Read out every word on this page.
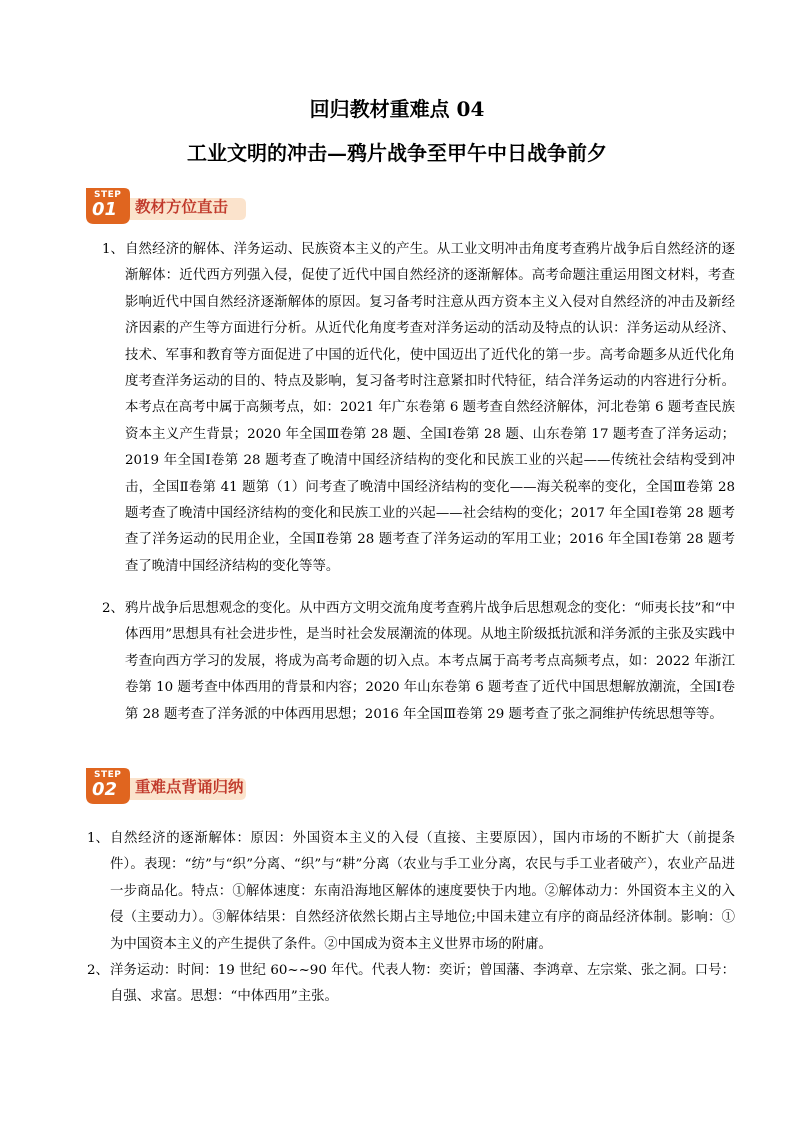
回归教材重难点 04
工业文明的冲击—鸦片战争至甲午中日战争前夕
STEP
01 教材方位直击
1、 自然经济的解体、洋务运动、民族资本主义的产生。从工业文明冲击角度考查鸦片战争后自然经济的逐渐解体：近代西方列强入侵，促使了近代中国自然经济的逐渐解体。高考命题注重运用图文材料，考查影响近代中国自然经济逐渐解体的原因。复习备考时注意从西方资本主义入侵对自然经济的冲击及新经济因素的产生等方面进行分析。从近代化角度考查对洋务运动的活动及特点的认识：洋务运动从经济、技术、军事和教育等方面促进了中国的近代化，使中国迈出了近代化的第一步。高考命题多从近代化角度考查洋务运动的目的、特点及影响，复习备考时注意紧扣时代特征，结合洋务运动的内容进行分析。本考点在高考中属于高频考点，如：2021 年广东卷第 6 题考查自然经济解体，河北卷第 6 题考查民族资本主义产生背景；2020 年全国Ⅲ卷第 28 题、全国Ⅰ卷第 28 题、山东卷第 17 题考查了洋务运动；2019 年全国Ⅰ卷第 28 题考查了晚清中国经济结构的变化和民族工业的兴起——传统社会结构受到冲击，全国Ⅱ卷第 41 题第（1）问考查了晚清中国经济结构的变化——海关税率的变化，全国Ⅲ卷第 28 题考查了晚清中国经济结构的变化和民族工业的兴起——社会结构的变化；2017 年全国Ⅰ卷第 28 题考查了洋务运动的民用企业，全国Ⅱ卷第 28 题考查了洋务运动的军用工业；2016 年全国Ⅰ卷第 28 题考查了晚清中国经济结构的变化等等。
2、 鸦片战争后思想观念的变化。从中西方文明交流角度考查鸦片战争后思想观念的变化：“师夷长技”和“中体西用”思想具有社会进步性，是当时社会发展潮流的体现。从地主阶级抵抗派和洋务派的主张及实践中考查向西方学习的发展，将成为高考命题的切入点。本考点属于高考考点高频考点，如：2022 年浙江卷第 10 题考查中体西用的背景和内容；2020 年山东卷第 6 题考查了近代中国思想解放潮流，全国Ⅰ卷第 28 题考查了洋务派的中体西用思想；2016 年全国Ⅲ卷第 29 题考查了张之洞维护传统思想等等。
STEP
02 重难点背诵归纳
1、 自然经济的逐渐解体：原因：外国资本主义的入侵（直接、主要原因），国内市场的不断扩大（前提条件）。表现：“纺”与“织”分离、“织”与“耕”分离（农业与手工业分离，农民与手工业者破产），农业产品进一步商品化。特点：①解体速度：东南沿海地区解体的速度要快于内地。②解体动力：外国资本主义的入侵（主要动力）。③解体结果：自然经济依然长期占主导地位;中国未建立有序的商品经济体制。影响：①为中国资本主义的产生提供了条件。②中国成为资本主义世界市场的附庸。
2、 洋务运动：时间：19 世纪 60~~90 年代。代表人物：奕䜣；曾国藩、李鸿章、左宗棠、张之洞。口号：自强、求富。思想：“中体西用”主张。
